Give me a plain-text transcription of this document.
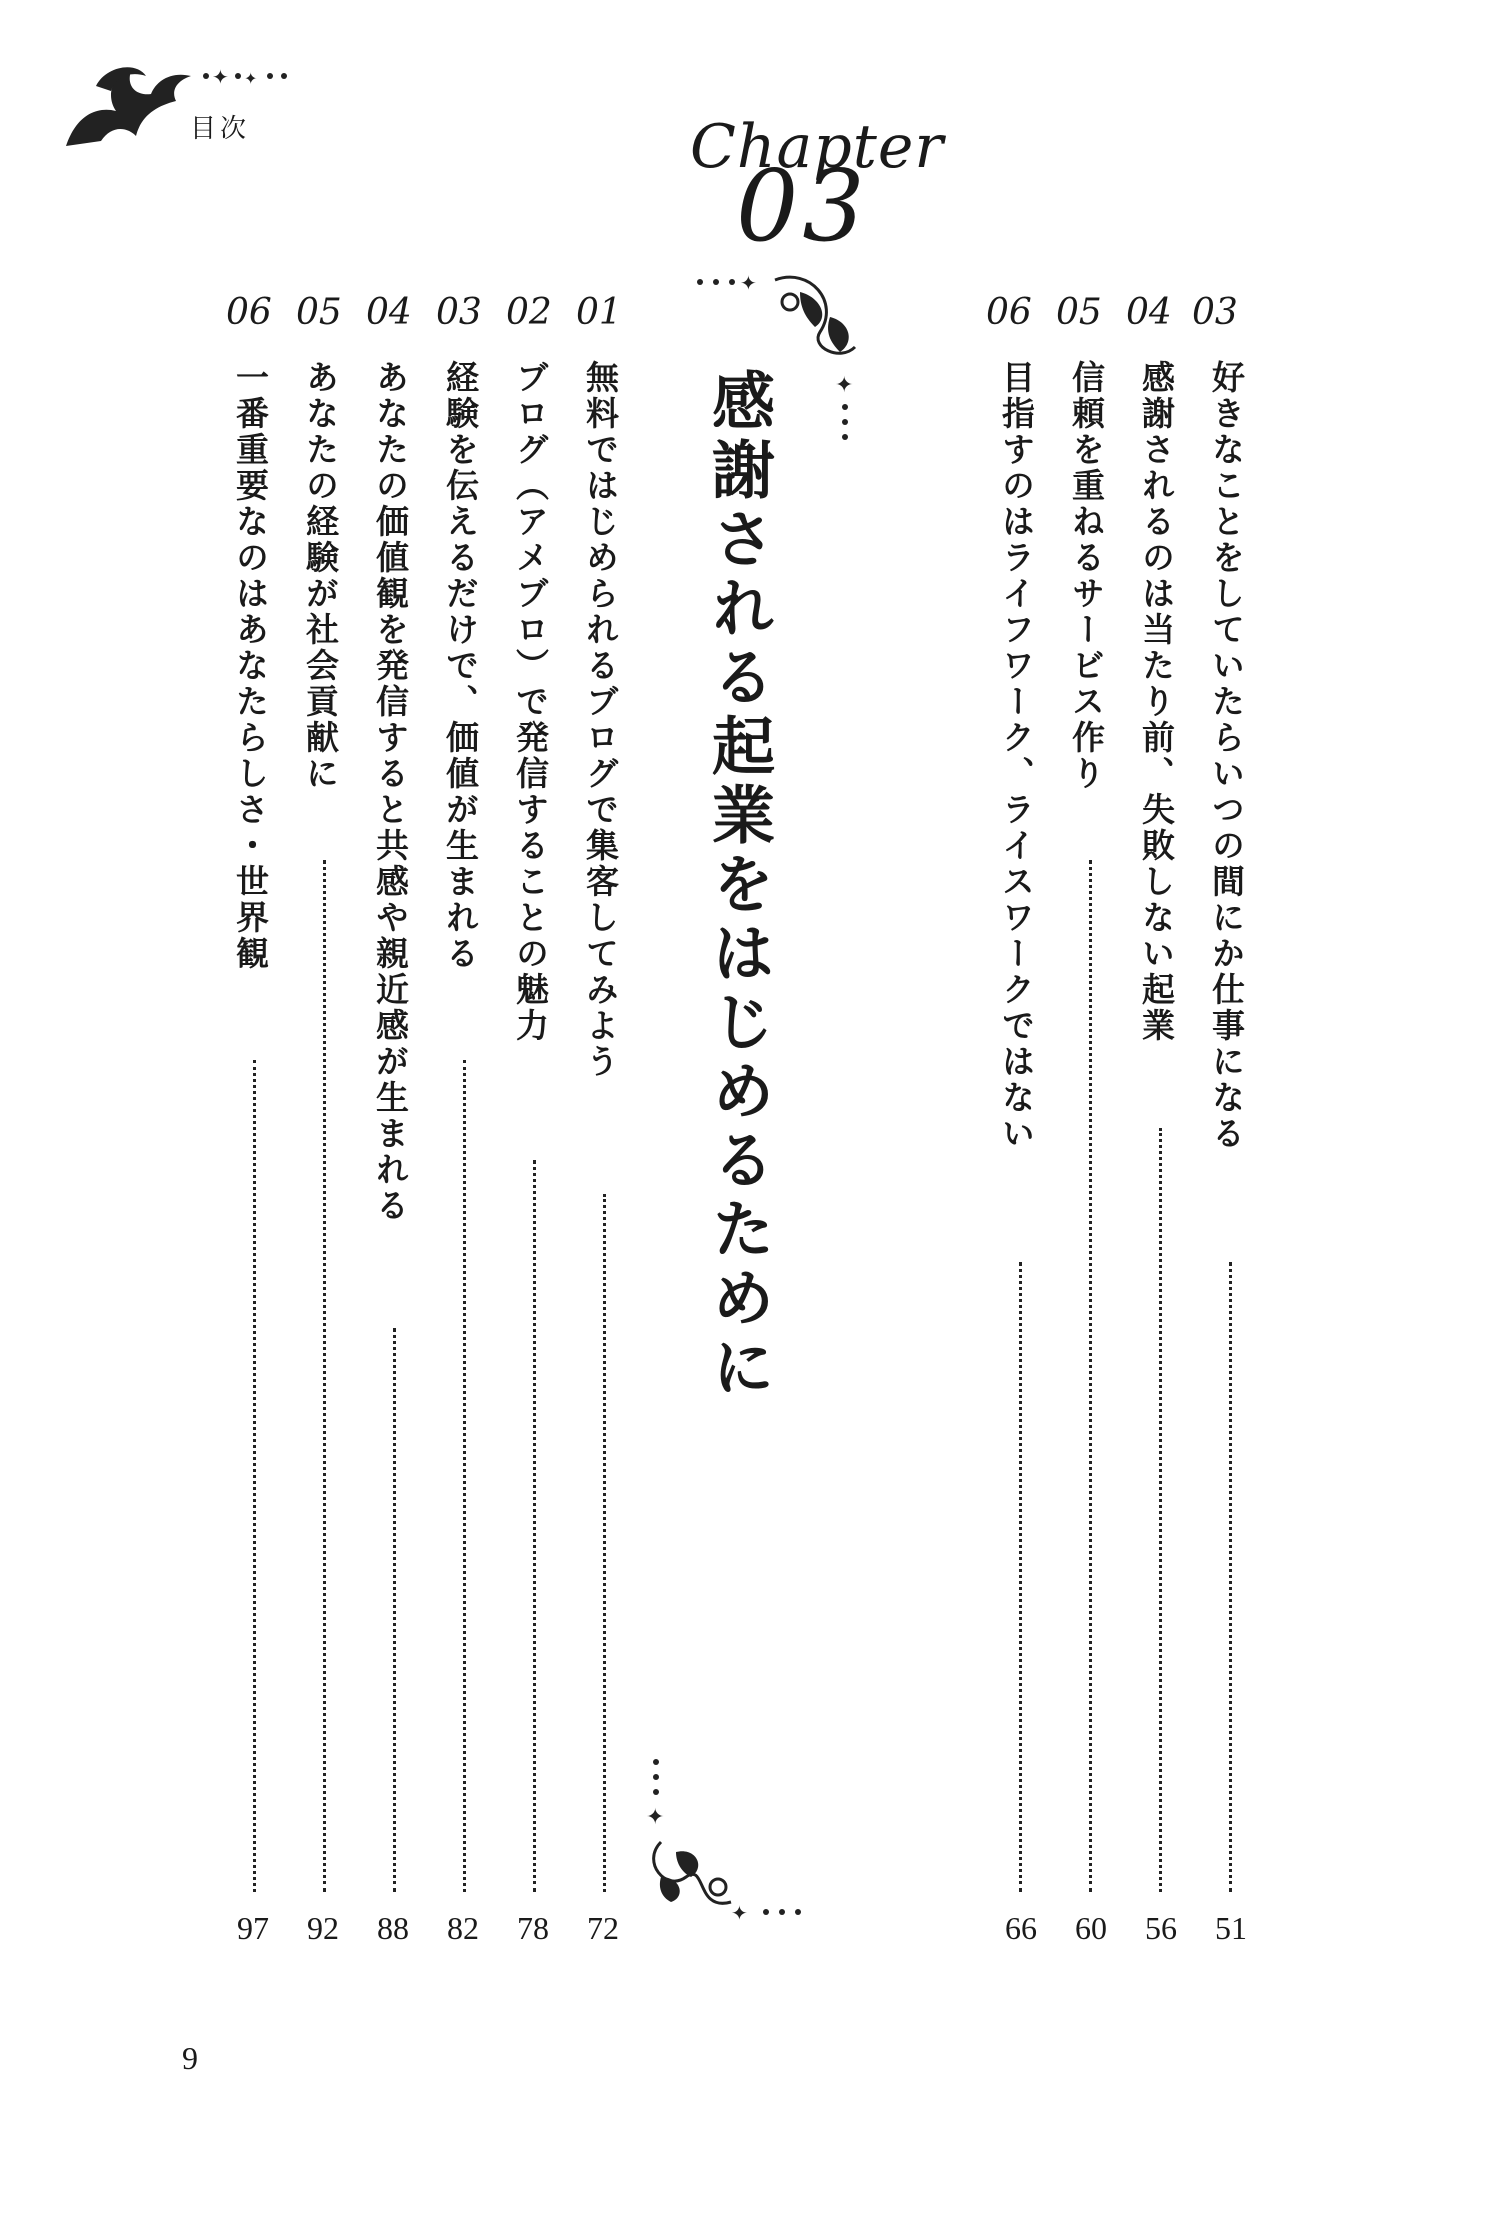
✦ ✦
目次	Chapter
03
✦
✦
感謝される起業をはじめるために
✦
✦
03
好きなことをしていたらいつの間にか仕事になる
51
04
感謝されるのは当たり前、失敗しない起業
56
05
信頼を重ねるサービス作り
60
06
目指すのはライフワーク、ライスワークではない
66
01
無料ではじめられるブログで集客してみよう
72
02
ブログ（アメブロ）で発信することの魅力
78
03
経験を伝えるだけで、価値が生まれる
82
04
あなたの価値観を発信すると共感や親近感が生まれる
88
05
あなたの経験が社会貢献に
92
06
一番重要なのはあなたらしさ・世界観
97
9
